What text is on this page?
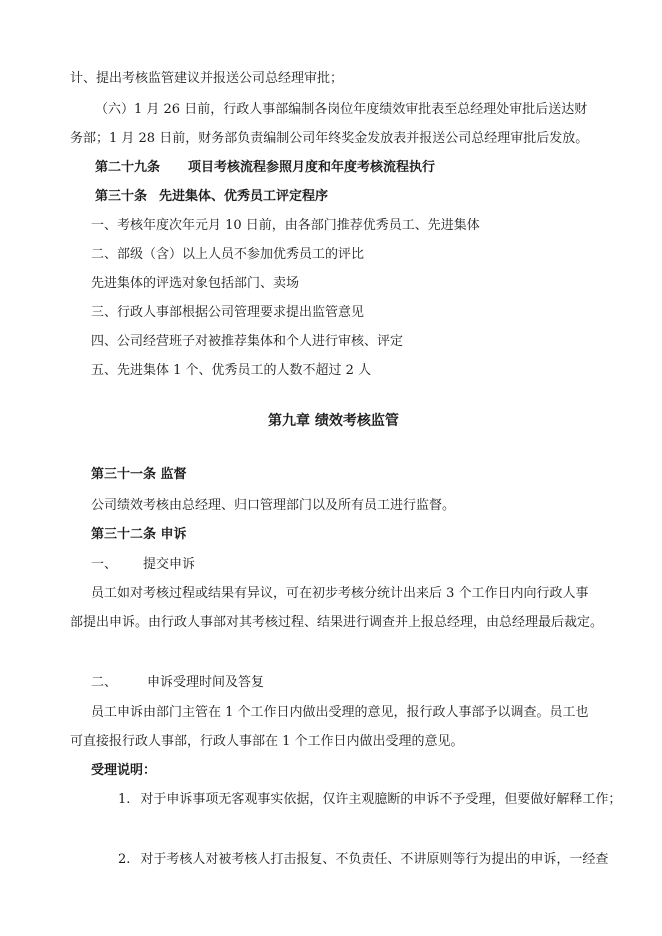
计、提出考核监管建议并报送公司总经理审批；
（六）1 月 26 日前，行政人事部编制各岗位年度绩效审批表至总经理处审批后送达财
务部；1 月 28 日前，财务部负责编制公司年终奖金发放表并报送公司总经理审批后发放。
第二十九条 项目考核流程参照月度和年度考核流程执行
第三十条 先进集体、优秀员工评定程序
一、考核年度次年元月 10 日前，由各部门推荐优秀员工、先进集体
二、部级（含）以上人员不参加优秀员工的评比
先进集体的评选对象包括部门、卖场
三、行政人事部根据公司管理要求提出监管意见
四、公司经营班子对被推荐集体和个人进行审核、评定
五、先进集体 1 个、优秀员工的人数不超过 2 人
第九章 绩效考核监管
第三十一条 监督
公司绩效考核由总经理、归口管理部门以及所有员工进行监督。
第三十二条 申诉
一、 提交申诉
员工如对考核过程或结果有异议，可在初步考核分统计出来后 3 个工作日内向行政人事
部提出申诉。由行政人事部对其考核过程、结果进行调查并上报总经理，由总经理最后裁定。
二、 申诉受理时间及答复
员工申诉由部门主管在 1 个工作日内做出受理的意见，报行政人事部予以调查。员工也
可直接报行政人事部，行政人事部在 1 个工作日内做出受理的意见。
受理说明：
1. 对于申诉事项无客观事实依据，仅许主观臆断的申诉不予受理，但要做好解释工作；
2. 对于考核人对被考核人打击报复、不负责任、不讲原则等行为提出的申诉，一经查
